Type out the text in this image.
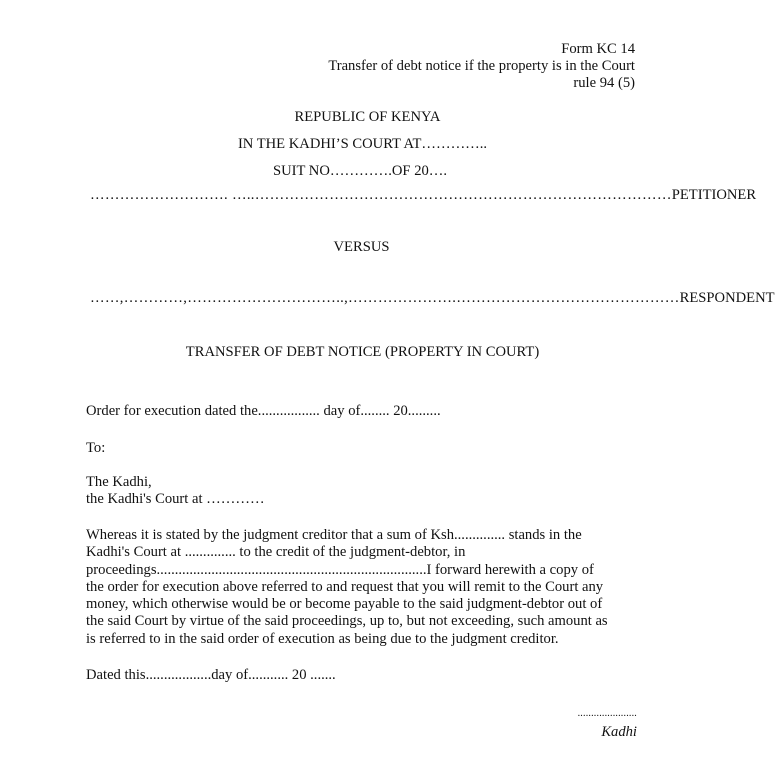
Form KC 14
Transfer of debt notice if the property is in the Court
rule 94 (5)
REPUBLIC OF KENYA
IN THE KADHI’S COURT AT…………..
SUIT NO………….OF 20….
………………………. …..………………………………………………………………………… PETITIONER
VERSUS
……,…………,…………………………..,………………….……………………………………… RESPONDENT
TRANSFER OF DEBT NOTICE (PROPERTY IN COURT)
Order for execution dated the................. day of........ 20.........
To:
The Kadhi,
the Kadhi's Court at …………
Whereas it is stated by the judgment creditor that a sum of Ksh.............. stands in the
Kadhi's Court at .............. to the credit of the judgment-debtor, in
proceedings..........................................................................I forward herewith a copy of
the order for execution above referred to and request that you will remit to the Court any
money, which otherwise would be or become payable to the said judgment-debtor out of
the said Court by virtue of the said proceedings, up to, but not exceeding, such amount as
is referred to in the said order of execution as being due to the judgment creditor.
Dated this..................day of........... 20 .......
......................
Kadhi
